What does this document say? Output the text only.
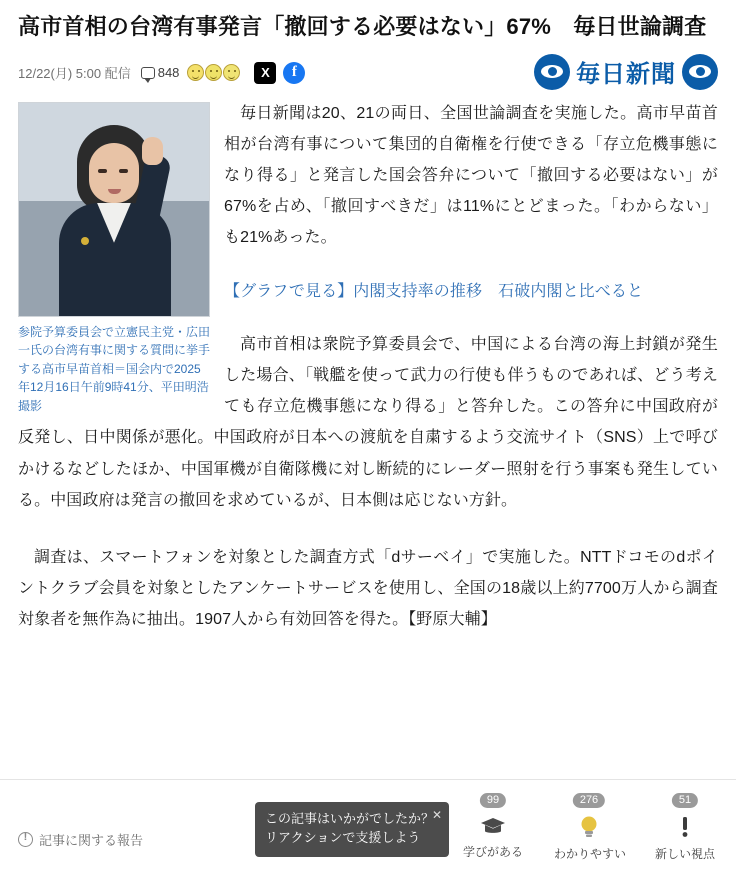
高市首相の台湾有事発言「撤回する必要はない」67%　毎日世論調査
12/22(月) 5:00 配信 848	X	f	毎日新聞
参院予算委員会で立憲民主党・広田一氏の台湾有事に関する質問に挙手する高市早苗首相＝国会内で2025年12月16日午前9時41分、平田明浩撮影

毎日新聞は20、21の両日、全国世論調査を実施した。高市早苗首相が台湾有事について集団的自衛権を行使できる「存立危機事態になり得る」と発言した国会答弁について「撤回する必要はない」が67%を占め、「撤回すべきだ」は11%にとどまった。「わからない」も21%あった。

【グラフで見る】内閣支持率の推移　石破内閣と比べると

高市首相は衆院予算委員会で、中国による台湾の海上封鎖が発生した場合、「戦艦を使って武力の行使も伴うものであれば、どう考えても存立危機事態になり得る」と答弁した。この答弁に中国政府が反発し、日中関係が悪化。中国政府が日本への渡航を自粛するよう交流サイト（SNS）上で呼びかけるなどしたほか、中国軍機が自衛隊機に対し断続的にレーダー照射を行う事案も発生している。中国政府は発言の撤回を求めているが、日本側は応じない方針。

調査は、スマートフォンを対象とした調査方式「dサーベイ」で実施した。NTTドコモのdポイントクラブ会員を対象としたアンケートサービスを使用し、全国の18歳以上約7700万人から調査対象者を無作為に抽出。1907人から有効回答を得た。【野原大輔】

!
記事に関する報告
✕
この記事はいかがでしたか？
リアクションで支援しよう
99
学びがある
276
わかりやすい
51
新しい視点
